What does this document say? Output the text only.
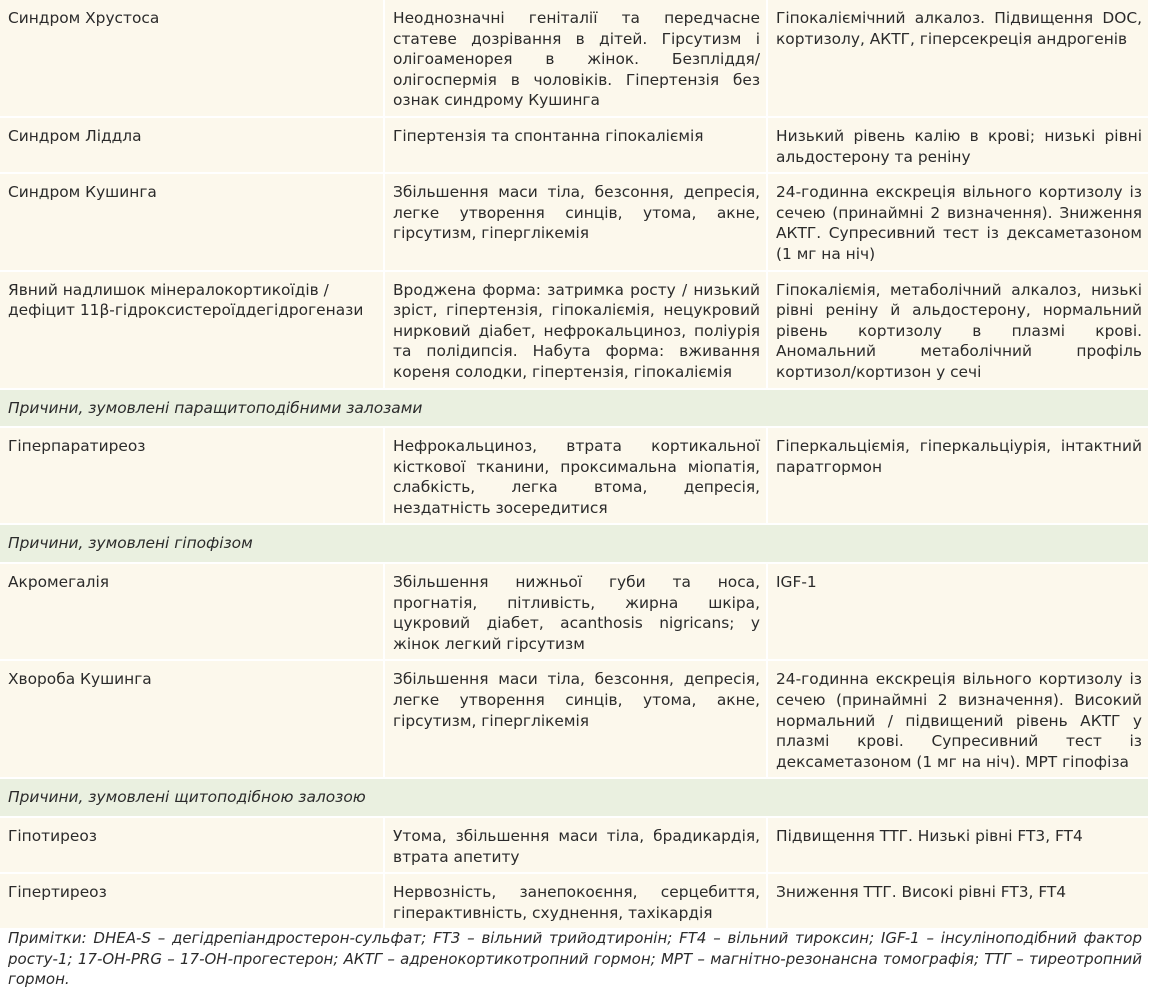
Синдром Хрустоса	Неоднозначні геніталії та передчасне статеве дозрівання в дітей. Гірсутизм і олігоаменорея в жінок. Безпліддя/олігоспермія в чоловіків. Гіпертензія без ознак синдрому Кушинга	Гіпокаліємічний алкалоз. Підвищення DOC, кортизолу, АКТГ, гіперсекреція андрогенів
Синдром Ліддла	Гіпертензія та спонтанна гіпокаліємія	Низький рівень калію в крові; низькі рівні альдостерону та реніну
Синдром Кушинга	Збільшення маси тіла, безсоння, депресія, легке утворення синців, утома, акне, гірсутизм, гіперглікемія	24-годинна екскреція вільного кортизолу із сечею (принаймні 2 визначення). Зниження АКТГ. Супресивний тест із дексаметазоном (1 мг на ніч)
Явний надлишок мінералокортикоїдів / дефіцит 11β-гідроксистероїддегідрогенази	Вроджена форма: затримка росту / низький зріст, гіпертензія, гіпокаліємія, нецукровий нирковий діабет, нефрокальциноз, поліурія та полідипсія. Набута форма: вживання кореня солодки, гіпертензія, гіпокаліємія	Гіпокаліємія, метаболічний алкалоз, низькі рівні реніну й альдостерону, нормальний рівень кортизолу в плазмі крові. Аномальний метаболічний профіль кортизол/кортизон у сечі
Причини, зумовлені паращитоподібними залозами		
Гіперпаратиреоз	Нефрокальциноз, втрата кортикальної кісткової тканини, проксимальна міопатія, слабкість, легка втома, депресія, нездатність зосередитися	Гіперкальціємія, гіперкальціурія, інтактний паратгормон
Причини, зумовлені гіпофізом		
Акромегалія	Збільшення нижньої губи та носа, прогнатія, пітливість, жирна шкіра, цукровий діабет, acanthosis nigricans; у жінок легкий гірсутизм	IGF-1
Хвороба Кушинга	Збільшення маси тіла, безсоння, депресія, легке утворення синців, утома, акне, гірсутизм, гіперглікемія	24-годинна екскреція вільного кортизолу із сечею (принаймні 2 визначення). Високий нормальний / підвищений рівень АКТГ у плазмі крові. Супресивний тест із дексаметазоном (1 мг на ніч). МРТ гіпофіза
Причини, зумовлені щитоподібною залозою		
Гіпотиреоз	Утома, збільшення маси тіла, брадикардія, втрата апетиту	Підвищення ТТГ. Низькі рівні FT3, FT4
Гіпертиреоз	Нервозність, занепокоєння, серцебиття, гіперактивність, схуднення, тахікардія	Зниження ТТГ. Високі рівні FT3, FT4

Примітки: DHEA-S – дегідрепіандростерон-сульфат; FT3 – вільний трийодтиронін; FT4 – вільний тироксин; IGF-1 – інсуліноподібний фактор росту-1; 17-OH-PRG – 17-OH-прогестерон; АКТГ – адренокортикотропний гормон; МРТ – магнітно-резонансна томографія; ТТГ – тиреотропний гормон.
